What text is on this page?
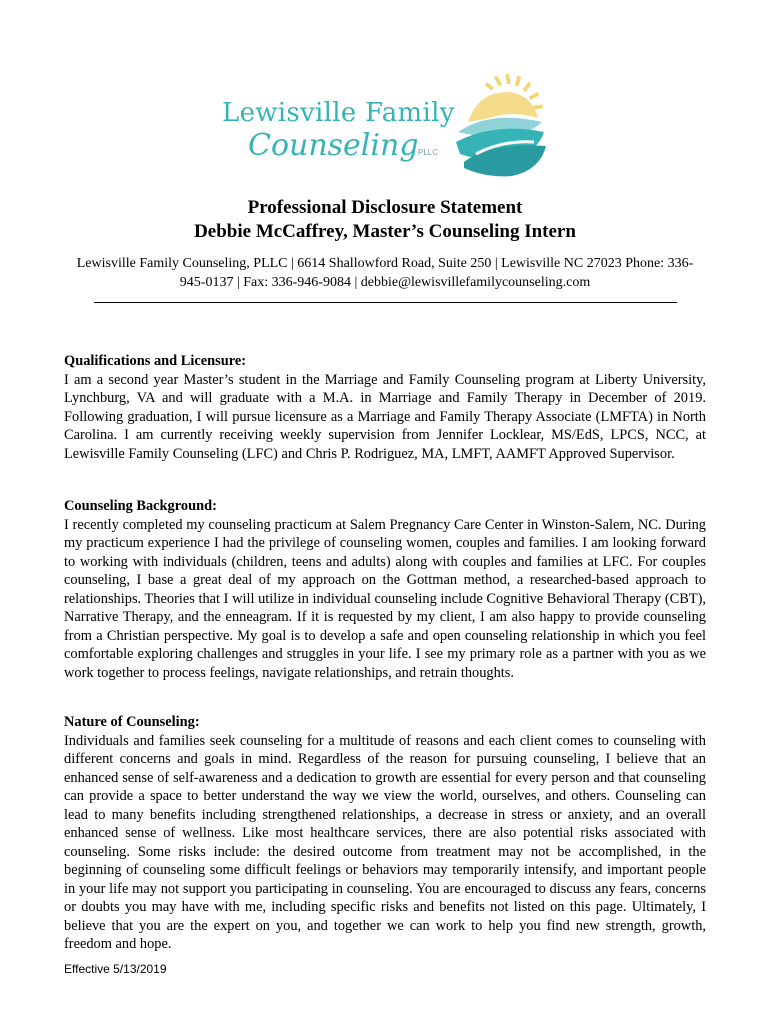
Lewisville Family
Counseling PLLC
Professional Disclosure Statement
Debbie McCaffrey, Master’s Counseling Intern
Lewisville Family Counseling, PLLC | 6614 Shallowford Road, Suite 250 | Lewisville NC 27023 Phone: 336-945-0137 | Fax: 336-946-9084 | debbie@lewisvillefamilycounseling.com
Qualifications and Licensure:

I am a second year Master’s student in the Marriage and Family Counseling program at Liberty University, Lynchburg, VA and will graduate with a M.A. in Marriage and Family Therapy in December of 2019. Following graduation, I will pursue licensure as a Marriage and Family Therapy Associate (LMFTA) in North Carolina. I am currently receiving weekly supervision from Jennifer Locklear, MS/EdS, LPCS, NCC, at Lewisville Family Counseling (LFC) and Chris P. Rodriguez, MA, LMFT, AAMFT Approved Supervisor.

Counseling Background:

I recently completed my counseling practicum at Salem Pregnancy Care Center in Winston-Salem, NC. During my practicum experience I had the privilege of counseling women, couples and families. I am looking forward to working with individuals (children, teens and adults) along with couples and families at LFC. For couples counseling, I base a great deal of my approach on the Gottman method, a researched-based approach to relationships. Theories that I will utilize in individual counseling include Cognitive Behavioral Therapy (CBT), Narrative Therapy, and the enneagram. If it is requested by my client, I am also happy to provide counseling from a Christian perspective. My goal is to develop a safe and open counseling relationship in which you feel comfortable exploring challenges and struggles in your life. I see my primary role as a partner with you as we work together to process feelings, navigate relationships, and retrain thoughts.

Nature of Counseling:

Individuals and families seek counseling for a multitude of reasons and each client comes to counseling with different concerns and goals in mind. Regardless of the reason for pursuing counseling, I believe that an enhanced sense of self-awareness and a dedication to growth are essential for every person and that counseling can provide a space to better understand the way we view the world, ourselves, and others. Counseling can lead to many benefits including strengthened relationships, a decrease in stress or anxiety, and an overall enhanced sense of wellness. Like most healthcare services, there are also potential risks associated with counseling. Some risks include: the desired outcome from treatment may not be accomplished, in the beginning of counseling some difficult feelings or behaviors may temporarily intensify, and important people in your life may not support you participating in counseling. You are encouraged to discuss any fears, concerns or doubts you may have with me, including specific risks and benefits not listed on this page. Ultimately, I believe that you are the expert on you, and together we can work to help you find new strength, growth, freedom and hope.

Effective 5/13/2019
